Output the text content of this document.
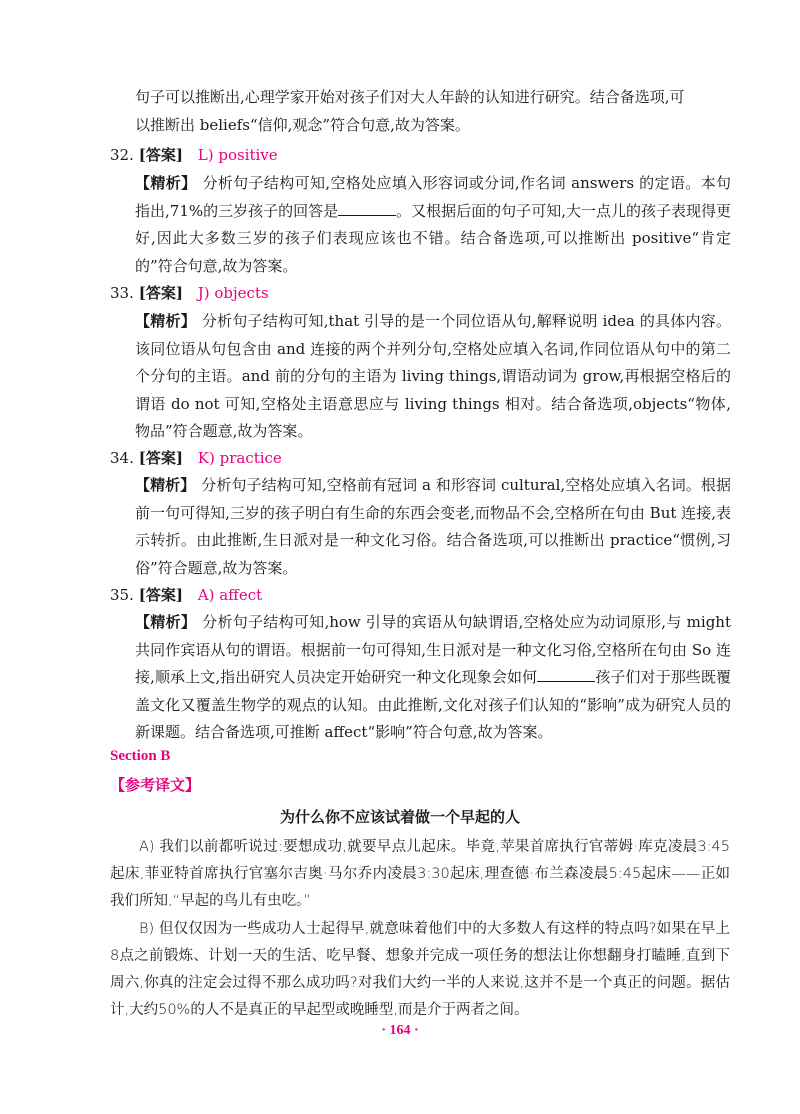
句子可以推断出,心理学家开始对孩子们对大人年龄的认知进行研究。结合备选项,可
以推断出 beliefs“信仰,观念”符合句意,故为答案。
32. [答案] L) positive
【精析】 分析句子结构可知,空格处应填入形容词或分词,作名词 answers 的定语。本句指出,71%的三岁孩子的回答是	。又根据后面的句子可知,大一点儿的孩子表现得更好,因此大多数三岁的孩子们表现应该也不错。结合备选项,可以推断出 positive“肯定的”符合句意,故为答案。
33. [答案] J) objects
【精析】 分析句子结构可知,that 引导的是一个同位语从句,解释说明 idea 的具体内容。该同位语从句包含由 and 连接的两个并列分句,空格处应填入名词,作同位语从句中的第二个分句的主语。and 前的分句的主语为 living things,谓语动词为 grow,再根据空格后的谓语 do not 可知,空格处主语意思应与 living things 相对。结合备选项,objects“物体,物品”符合题意,故为答案。
34. [答案] K) practice
【精析】 分析句子结构可知,空格前有冠词 a 和形容词 cultural,空格处应填入名词。根据前一句可得知,三岁的孩子明白有生命的东西会变老,而物品不会,空格所在句由 But 连接,表示转折。由此推断,生日派对是一种文化习俗。结合备选项,可以推断出 practice“惯例,习俗”符合题意,故为答案。
35. [答案] A) affect
【精析】 分析句子结构可知,how 引导的宾语从句缺谓语,空格处应为动词原形,与 might 共同作宾语从句的谓语。根据前一句可得知,生日派对是一种文化习俗,空格所在句由 So 连接,顺承上文,指出研究人员决定开始研究一种文化现象会如何	孩子们对于那些既覆盖文化又覆盖生物学的观点的认知。由此推断,文化对孩子们认知的“影响”成为研究人员的新课题。结合备选项,可推断 affect“影响”符合句意,故为答案。
Section B
【参考译文】
为什么你不应该试着做一个早起的人
A) 我们以前都听说过:要想成功,就要早点儿起床。毕竟,苹果首席执行官蒂姆·库克凌晨3:45起床,菲亚特首席执行官塞尔吉奥·马尔乔内凌晨3:30起床,理查德·布兰森凌晨5:45起床——正如我们所知,“早起的鸟儿有虫吃。”
B) 但仅仅因为一些成功人士起得早,就意味着他们中的大多数人有这样的特点吗?如果在早上8点之前锻炼、计划一天的生活、吃早餐、想象并完成一项任务的想法让你想翻身打瞌睡,直到下周六,你真的注定会过得不那么成功吗?对我们大约一半的人来说,这并不是一个真正的问题。据估计,大约50%的人不是真正的早起型或晚睡型,而是介于两者之间。
· 164 ·
